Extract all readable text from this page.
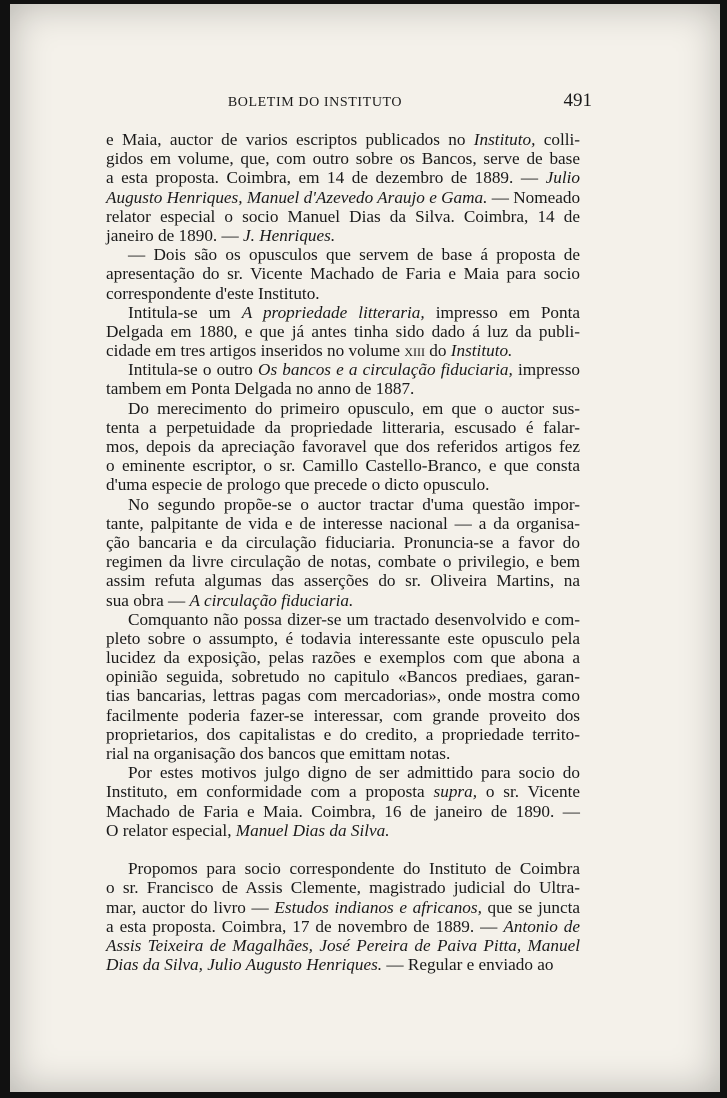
BOLETIM DO INSTITUTO	491
e Maia, auctor de varios escriptos publicados no Instituto, colli-
gidos em volume, que, com outro sobre os Bancos, serve de base
a esta proposta. Coimbra, em 14 de dezembro de 1889. — Julio
Augusto Henriques, Manuel d'Azevedo Araujo e Gama. — Nomeado
relator especial o socio Manuel Dias da Silva. Coimbra, 14 de
janeiro de 1890. — J. Henriques.
— Dois são os opusculos que servem de base á proposta de
apresentação do sr. Vicente Machado de Faria e Maia para socio
correspondente d'este Instituto.
Intitula-se um A propriedade litteraria, impresso em Ponta
Delgada em 1880, e que já antes tinha sido dado á luz da publi-
cidade em tres artigos inseridos no volume xiii do Instituto.
Intitula-se o outro Os bancos e a circulação fiduciaria, impresso
tambem em Ponta Delgada no anno de 1887.
Do merecimento do primeiro opusculo, em que o auctor sus-
tenta a perpetuidade da propriedade litteraria, escusado é falar-
mos, depois da apreciação favoravel que dos referidos artigos fez
o eminente escriptor, o sr. Camillo Castello-Branco, e que consta
d'uma especie de prologo que precede o dicto opusculo.
No segundo propõe-se o auctor tractar d'uma questão impor-
tante, palpitante de vida e de interesse nacional — a da organisa-
ção bancaria e da circulação fiduciaria. Pronuncia-se a favor do
regimen da livre circulação de notas, combate o privilegio, e bem
assim refuta algumas das asserções do sr. Oliveira Martins, na
sua obra — A circulação fiduciaria.
Comquanto não possa dizer-se um tractado desenvolvido e com-
pleto sobre o assumpto, é todavia interessante este opusculo pela
lucidez da exposição, pelas razões e exemplos com que abona a
opinião seguida, sobretudo no capitulo «Bancos prediaes, garan-
tias bancarias, lettras pagas com mercadorias», onde mostra como
facilmente poderia fazer-se interessar, com grande proveito dos
proprietarios, dos capitalistas e do credito, a propriedade territo-
rial na organisação dos bancos que emittam notas.
Por estes motivos julgo digno de ser admittido para socio do
Instituto, em conformidade com a proposta supra, o sr. Vicente
Machado de Faria e Maia. Coimbra, 16 de janeiro de 1890. —
O relator especial, Manuel Dias da Silva.
Propomos para socio correspondente do Instituto de Coimbra
o sr. Francisco de Assis Clemente, magistrado judicial do Ultra-
mar, auctor do livro — Estudos indianos e africanos, que se juncta
a esta proposta. Coimbra, 17 de novembro de 1889. — Antonio de
Assis Teixeira de Magalhães, José Pereira de Paiva Pitta, Manuel
Dias da Silva, Julio Augusto Henriques. — Regular e enviado ao
